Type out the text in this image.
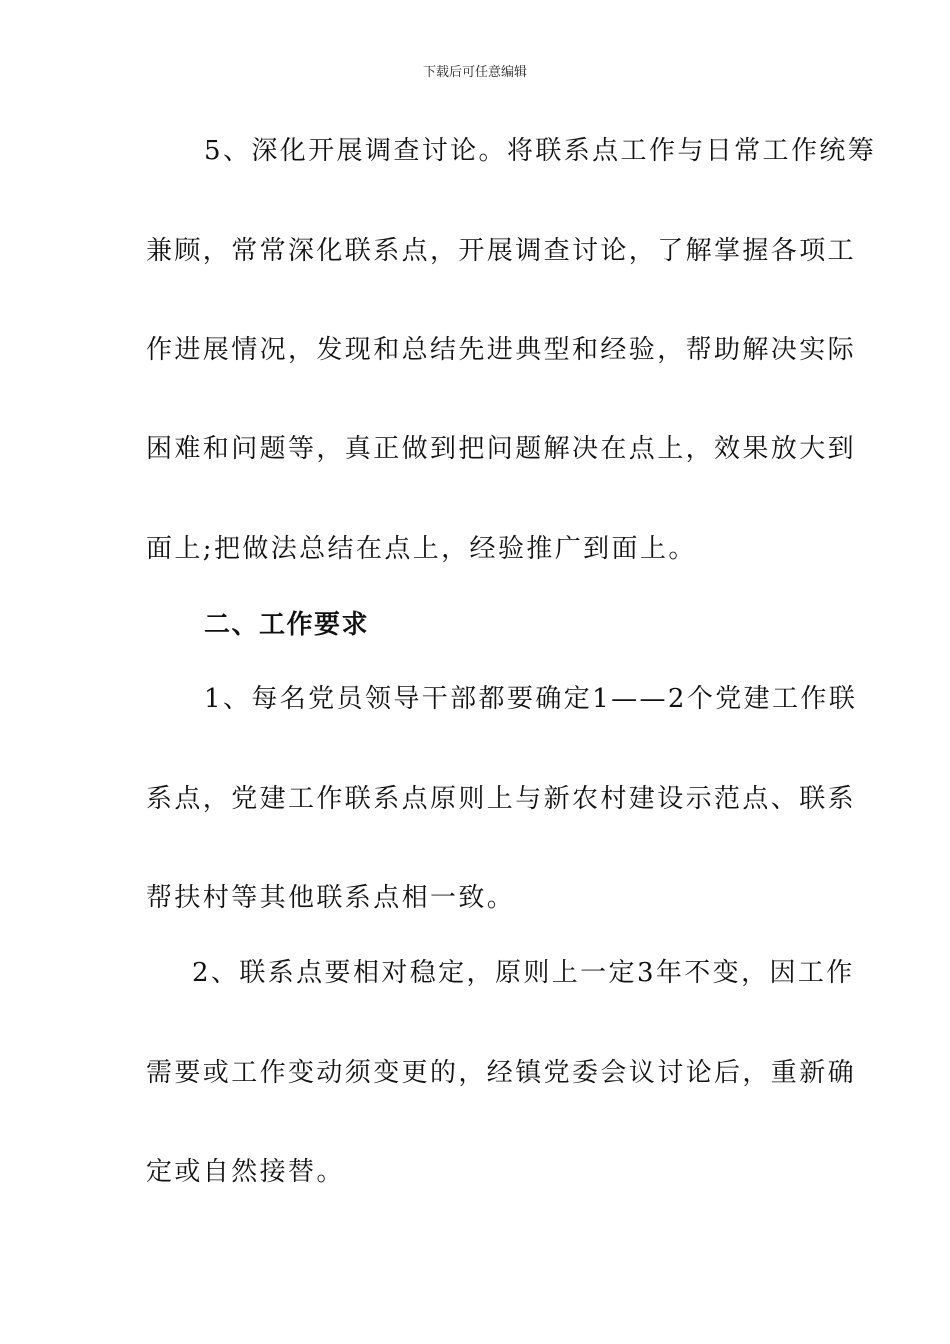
下载后可任意编辑
5、深化开展调查讨论。将联系点工作与日常工作统筹
兼顾，常常深化联系点，开展调查讨论，了解掌握各项工
作进展情况，发现和总结先进典型和经验，帮助解决实际
困难和问题等，真正做到把问题解决在点上，效果放大到
面上;把做法总结在点上，经验推广到面上。
二、工作要求
1、每名党员领导干部都要确定1——2个党建工作联
系点，党建工作联系点原则上与新农村建设示范点、联系
帮扶村等其他联系点相一致。
2、联系点要相对稳定，原则上一定3年不变，因工作
需要或工作变动须变更的，经镇党委会议讨论后，重新确
定或自然接替。
